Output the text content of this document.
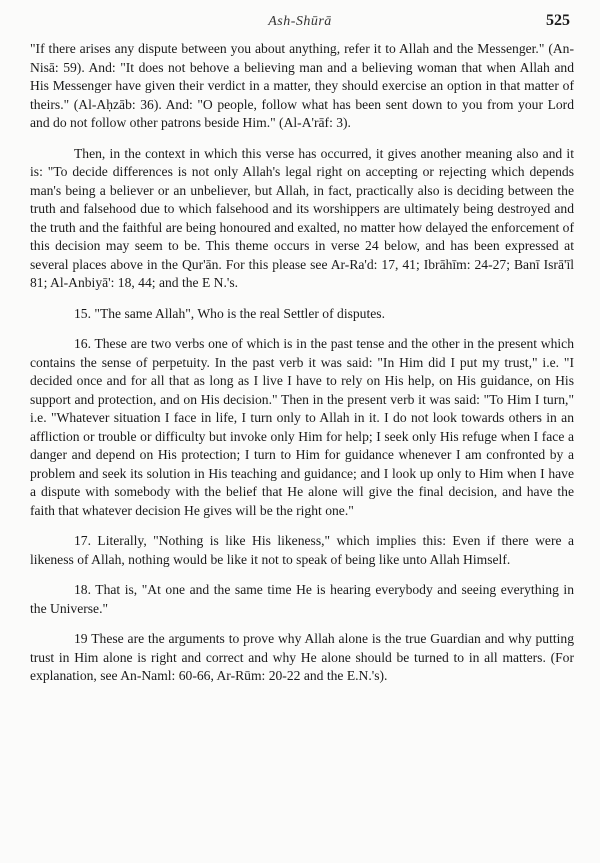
Ash-Shūrā	525

"If there arises any dispute between you about anything, refer it to Allah and the Messenger." (An-Nisā: 59). And: "It does not behove a believing man and a believing woman that when Allah and His Messenger have given their verdict in a matter, they should exercise an option in that matter of theirs." (Al-Aḥzāb: 36). And: "O people, follow what has been sent down to you from your Lord and do not follow other patrons beside Him." (Al-A'rāf: 3).

Then, in the context in which this verse has occurred, it gives another meaning also and it is: "To decide differences is not only Allah's legal right on accepting or rejecting which depends man's being a believer or an unbeliever, but Allah, in fact, practically also is deciding between the truth and falsehood due to which falsehood and its worshippers are ultimately being destroyed and the truth and the faithful are being honoured and exalted, no matter how delayed the enforcement of this decision may seem to be. This theme occurs in verse 24 below, and has been expressed at several places above in the Qur'ān. For this please see Ar-Ra'd: 17, 41; Ibrāhīm: 24-27; Banī Isrā'īl 81; Al-Anbiyā': 18, 44; and the E N.'s.

15. "The same Allah", Who is the real Settler of disputes.

16. These are two verbs one of which is in the past tense and the other in the present which contains the sense of perpetuity. In the past verb it was said: "In Him did I put my trust," i.e. "I decided once and for all that as long as I live I have to rely on His help, on His guidance, on His support and protection, and on His decision." Then in the present verb it was said: "To Him I turn," i.e. "Whatever situation I face in life, I turn only to Allah in it. I do not look towards others in an affliction or trouble or difficulty but invoke only Him for help; I seek only His refuge when I face a danger and depend on His protection; I turn to Him for guidance whenever I am confronted by a problem and seek its solution in His teaching and guidance; and I look up only to Him when I have a dispute with somebody with the belief that He alone will give the final decision, and have the faith that whatever decision He gives will be the right one."

17. Literally, "Nothing is like His likeness," which implies this: Even if there were a likeness of Allah, nothing would be like it not to speak of being like unto Allah Himself.

18. That is, "At one and the same time He is hearing everybody and seeing everything in the Universe."

19 These are the arguments to prove why Allah alone is the true Guardian and why putting trust in Him alone is right and correct and why He alone should be turned to in all matters. (For explanation, see An-Naml: 60-66, Ar-Rūm: 20-22 and the E.N.'s).
